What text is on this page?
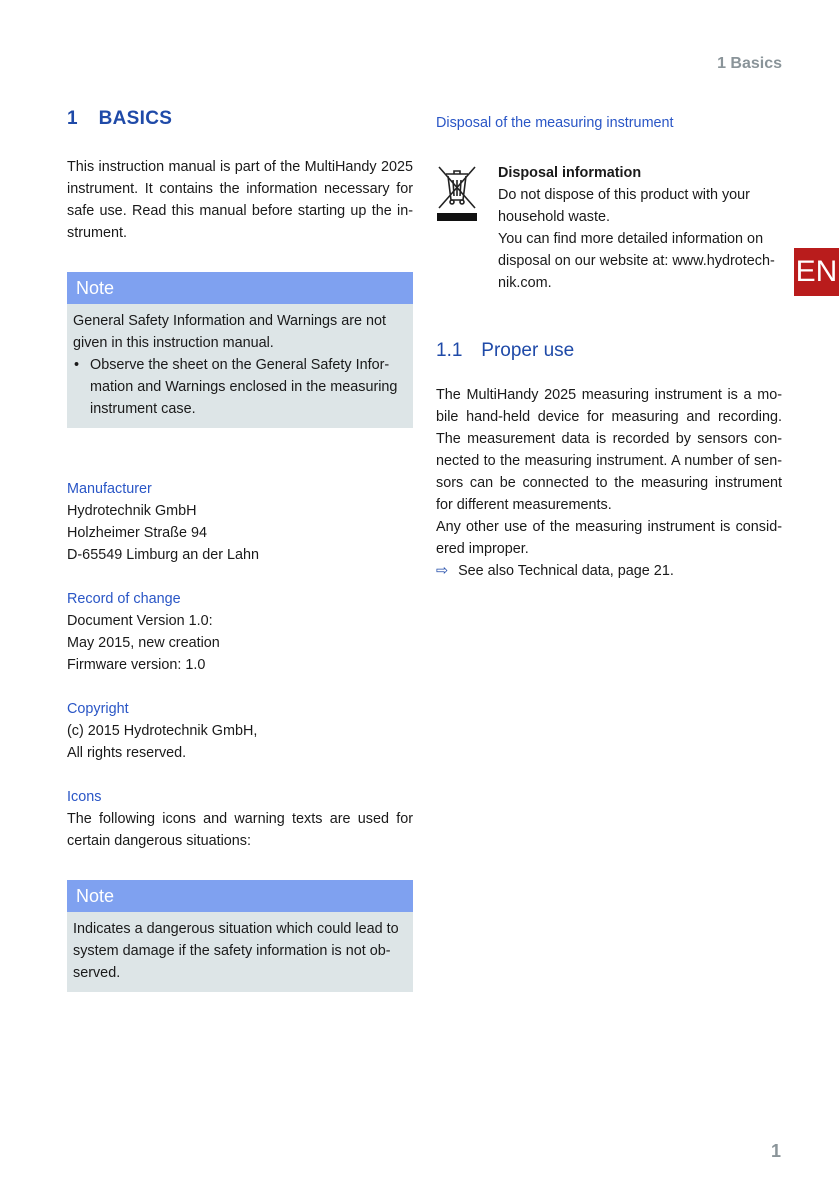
1 Basics
1 BASICS

This instruction manual is part of the MultiHandy 2025 instrument. It contains the information necessary for safe use. Read this manual before starting up the in-strument.

Note
General Safety Information and Warnings are not given in this instruction manual.
• Observe the sheet on the General Safety Infor-mation and Warnings enclosed in the measuring instrument case.
Manufacturer

Hydrotechnik GmbH

Holzheimer Straße 94

D-65549 Limburg an der Lahn

Record of change

Document Version 1.0:

May 2015, new creation

Firmware version: 1.0

Copyright

(c) 2015 Hydrotechnik GmbH,

All rights reserved.

Icons

The following icons and warning texts are used for certain dangerous situations:

Note
Indicates a dangerous situation which could lead to system damage if the safety information is not ob-served.
Disposal of the measuring instrument
Disposal information

Do not dispose of this product with your household waste.

You can find more detailed information on disposal on our website at: www.hydrotech-nik.com.

1.1 Proper use

The MultiHandy 2025 measuring instrument is a mo-bile hand-held device for measuring and recording. The measurement data is recorded by sensors con-nected to the measuring instrument. A number of sen-sors can be connected to the measuring instrument for different measurements.

Any other use of the measuring instrument is consid-ered improper.

⇨ See also Technical data, page 21.

EN
1
